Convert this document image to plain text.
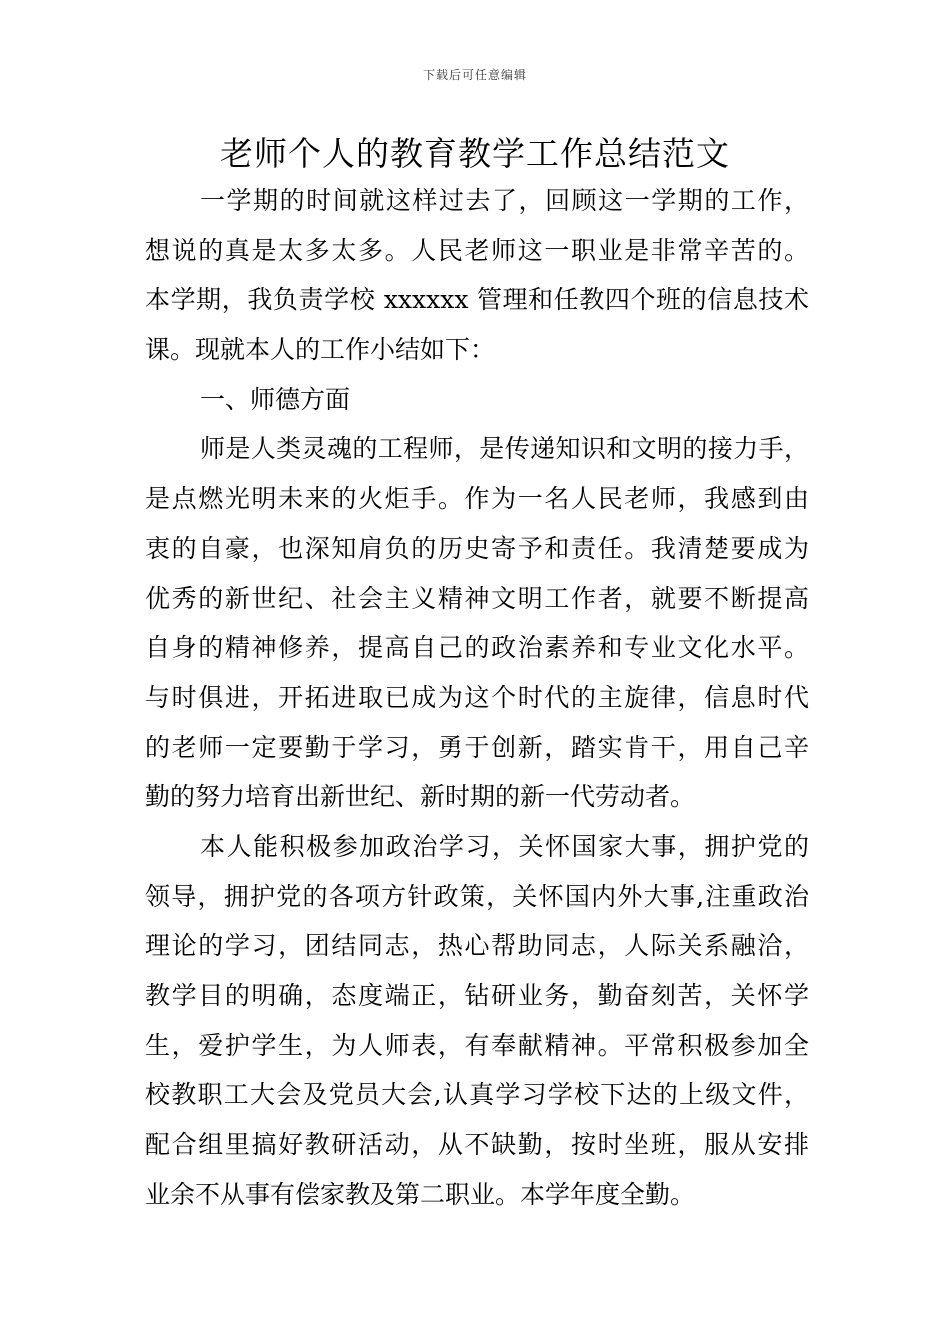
下载后可任意编辑
老师个人的教育教学工作总结范文
一学期的时间就这样过去了，回顾这一学期的工作，
想说的真是太多太多。人民老师这一职业是非常辛苦的。
本学期，我负责学校 xxxxxx 管理和任教四个班的信息技术
课。现就本人的工作小结如下：
一、师德方面
师是人类灵魂的工程师，是传递知识和文明的接力手，
是点燃光明未来的火炬手。作为一名人民老师，我感到由
衷的自豪，也深知肩负的历史寄予和责任。我清楚要成为
优秀的新世纪、社会主义精神文明工作者，就要不断提高
自身的精神修养，提高自己的政治素养和专业文化水平。
与时俱进，开拓进取已成为这个时代的主旋律，信息时代
的老师一定要勤于学习，勇于创新，踏实肯干，用自己辛
勤的努力培育出新世纪、新时期的新一代劳动者。
本人能积极参加政治学习，关怀国家大事，拥护党的
领导，拥护党的各项方针政策，关怀国内外大事,注重政治
理论的学习，团结同志，热心帮助同志，人际关系融洽，
教学目的明确，态度端正，钻研业务，勤奋刻苦，关怀学
生，爱护学生，为人师表，有奉献精神。平常积极参加全
校教职工大会及党员大会,认真学习学校下达的上级文件，
配合组里搞好教研活动，从不缺勤，按时坐班，服从安排
业余不从事有偿家教及第二职业。本学年度全勤。
